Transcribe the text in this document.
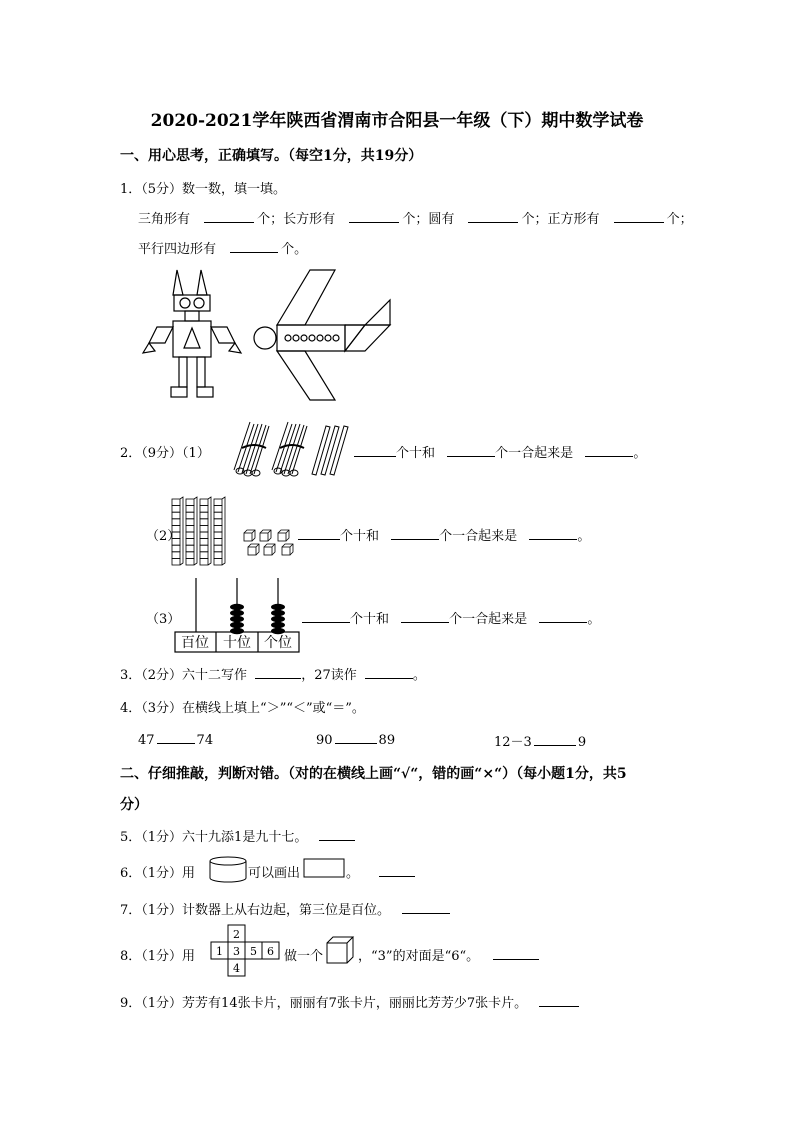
2020-2021学年陕西省渭南市合阳县一年级（下）期中数学试卷
一、用心思考，正确填写。（每空1分，共19分）
1．（5分）数一数，填一填。
三角形有	个；长方形有	个；圆有	个；正方形有	个；
平行四边形有	个。
2．（9分）（1）	个十和	个一合起来是	。
（2）	个十和	个一合起来是	。
（3）
百位 十位 个位
个十和	个一合起来是	。
3．（2分）六十二写作	，27读作	。
4．（3分）在横线上填上“＞”“＜”或“＝”。
47	74	90	89	12－3	9
二、仔细推敲，判断对错。（对的在横线上画“√“，错的画“×“）（每小题1分，共5
分）
5．（1分）六十九添1是九十七。
6．（1分）用	可以画出	。
7．（1分）计数器上从右边起，第三位是百位。
8．（1分）用
2
1 3 5 6
4
做一个	，“3”的对面是“6“。
9．（1分）芳芳有14张卡片，丽丽有7张卡片，丽丽比芳芳少7张卡片。
